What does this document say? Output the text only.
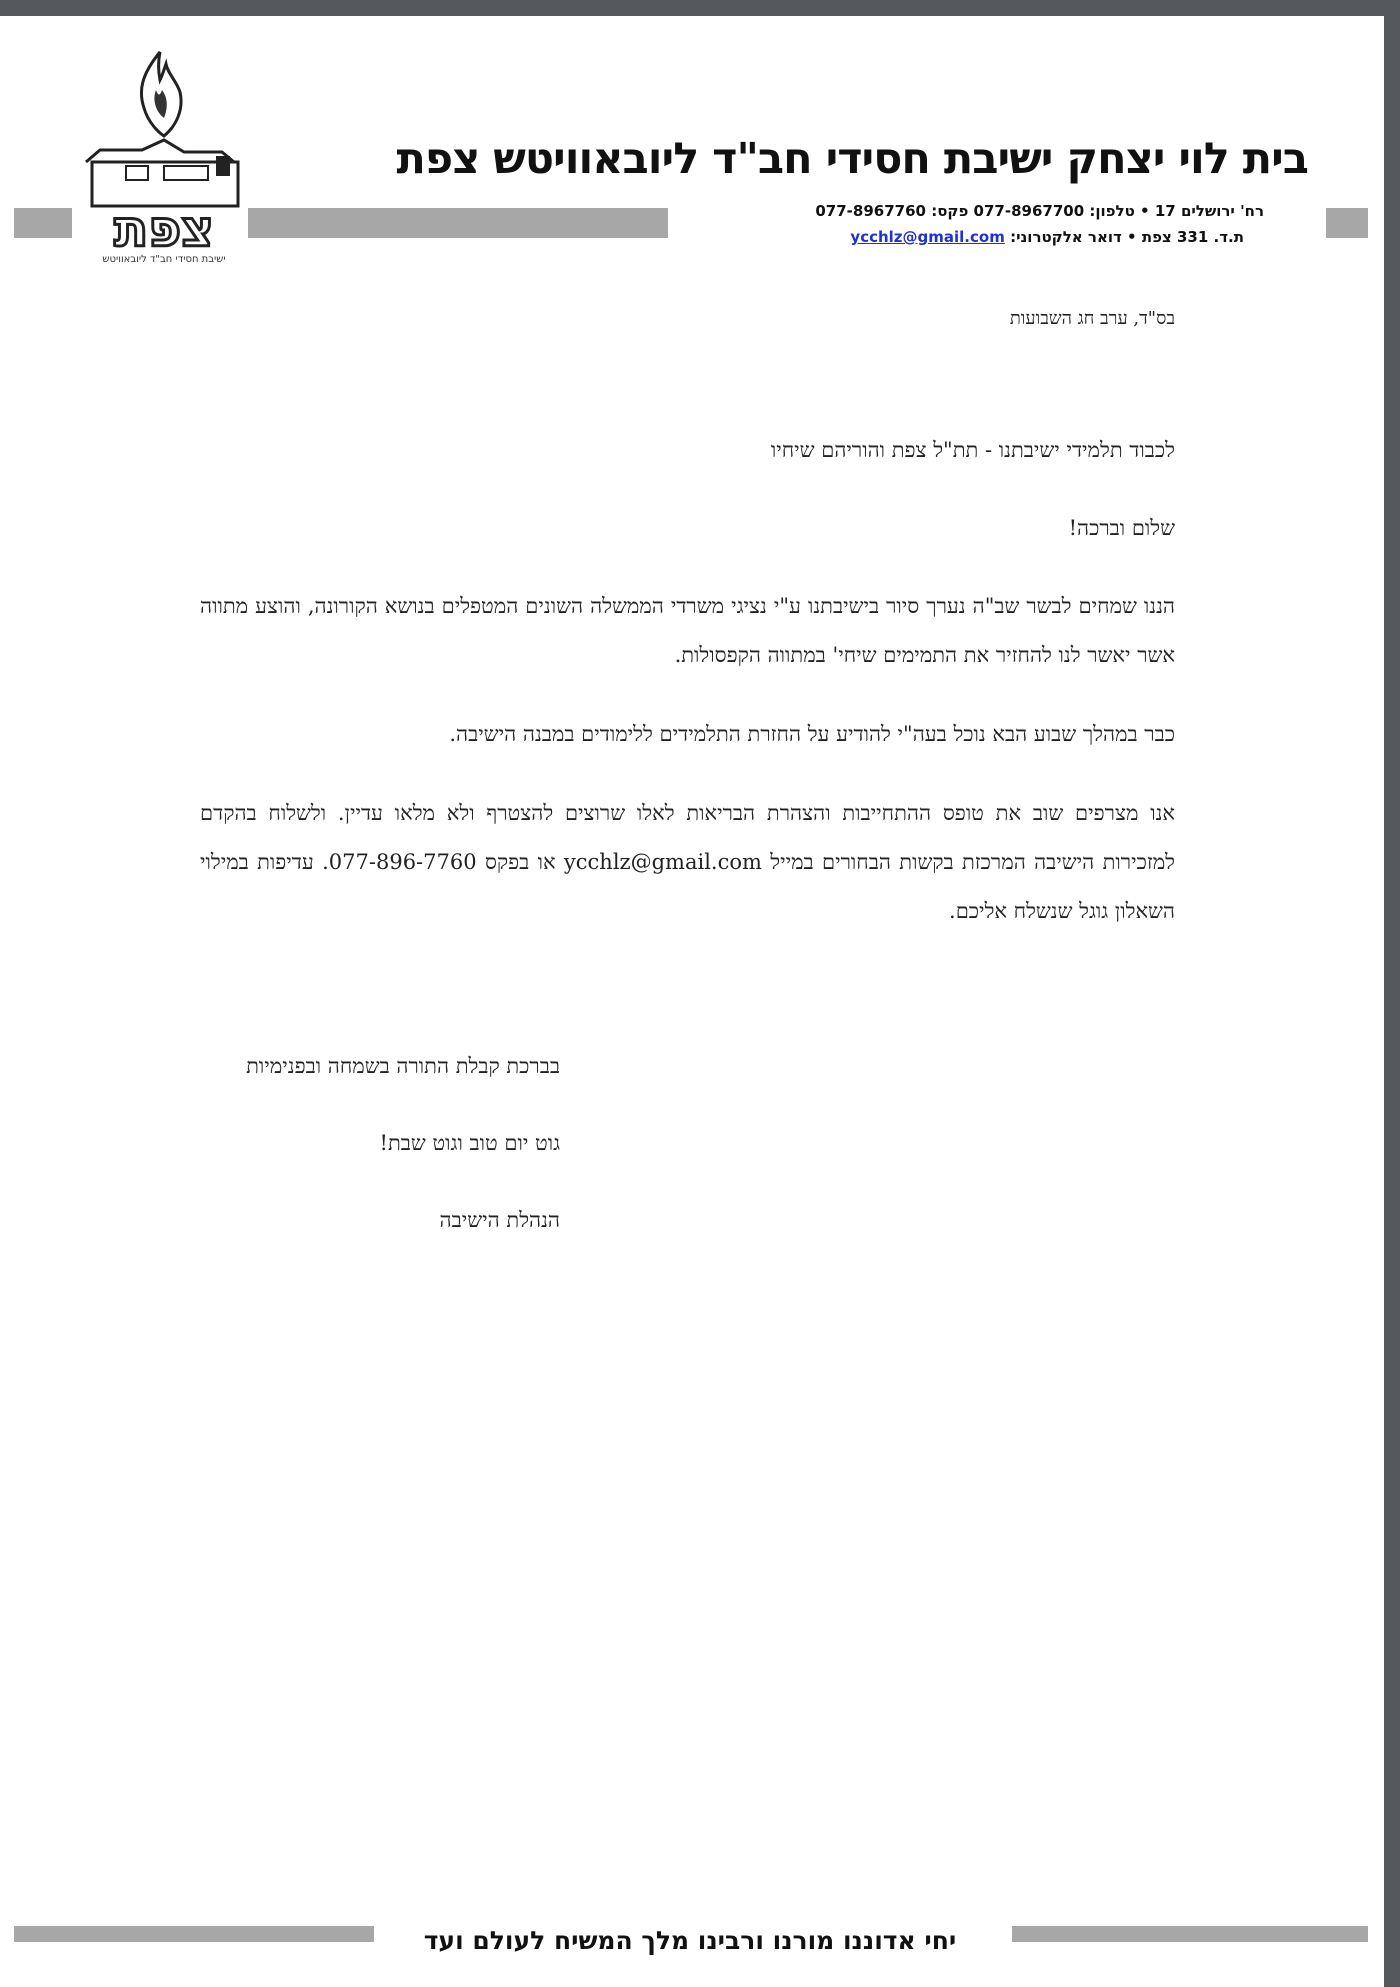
צפת
ישיבת חסידי חב"ד ליובאוויטש
בית לוי יצחק ישיבת חסידי חב"ד ליובאוויטש צפת
רח' ירושלים 17 • טלפון: 077-8967700 פקס: 077-8967760
ת.ד. 331 צפת • דואר אלקטרוני: ycchlz@gmail.com
בס"ד, ערב חג השבועות
לכבוד תלמידי ישיבתנו - תת"ל צפת והוריהם שיחיו
שלום וברכה!
הננו שמחים לבשר שב"ה נערך סיור בישיבתנו ע"י נציגי משרדי הממשלה השונים המטפלים בנושא הקורונה, והוצע מתווה אשר יאשר לנו להחזיר את התמימים שיחי' במתווה הקפסולות.
כבר במהלך שבוע הבא נוכל בעה"י להודיע על החזרת התלמידים ללימודים במבנה הישיבה.
אנו מצרפים שוב את טופס ההתחייבות והצהרת הבריאות לאלו שרוצים להצטרף ולא מלאו עדיין. ולשלוח בהקדם למזכירות הישיבה המרכזת בקשות הבחורים במייל ycchlz@gmail.com או בפקס 077-896-7760. עדיפות במילוי השאלון גוגל שנשלח אליכם.
בברכת קבלת התורה בשמחה ובפנימיות
גוט יום טוב וגוט שבת!
הנהלת הישיבה
יחי אדוננו מורנו ורבינו מלך המשיח לעולם ועד
